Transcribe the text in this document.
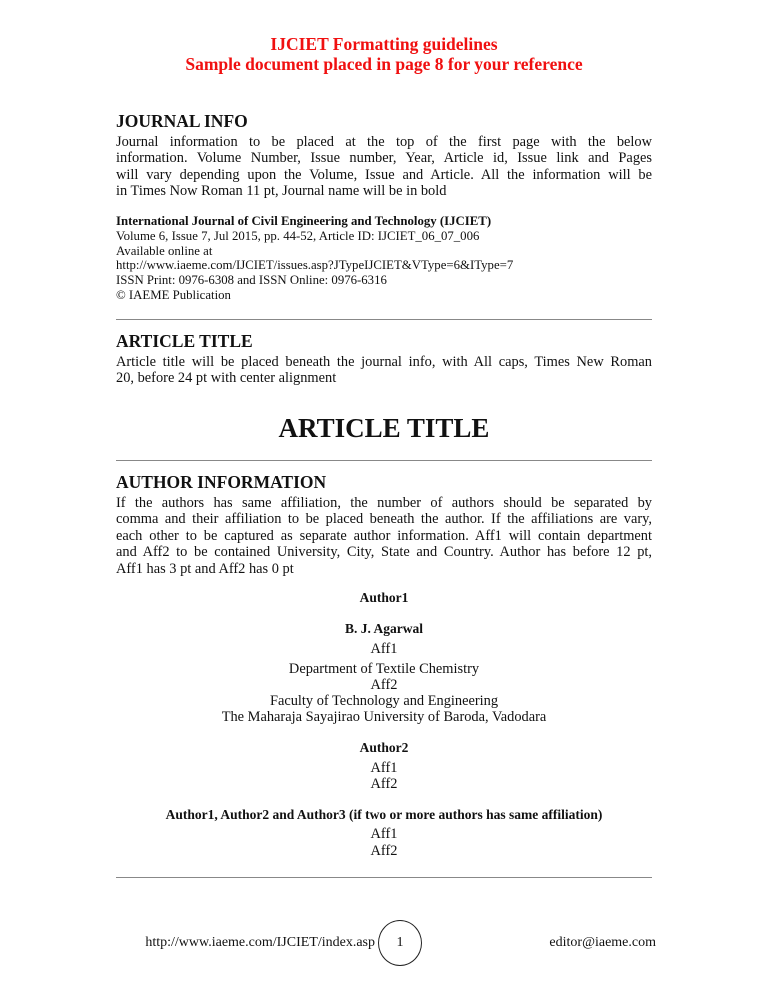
IJCIET Formatting guidelines
Sample document placed in page 8 for your reference
JOURNAL INFO
Journal information to be placed at the top of the first page with the below
information. Volume Number, Issue number, Year, Article id, Issue link and Pages
will vary depending upon the Volume, Issue and Article. All the information will be
in Times Now Roman 11 pt, Journal name will be in bold
International Journal of Civil Engineering and Technology (IJCIET)
Volume 6, Issue 7, Jul 2015, pp. 44-52, Article ID: IJCIET_06_07_006
Available online at
http://www.iaeme.com/IJCIET/issues.asp?JTypeIJCIET&VType=6&IType=7
ISSN Print: 0976-6308 and ISSN Online: 0976-6316
© IAEME Publication
ARTICLE TITLE
Article title will be placed beneath the journal info, with All caps, Times New Roman
20, before 24 pt with center alignment
ARTICLE TITLE
AUTHOR INFORMATION
If the authors has same affiliation, the number of authors should be separated by
comma and their affiliation to be placed beneath the author. If the affiliations are vary,
each other to be captured as separate author information. Aff1 will contain department
and Aff2 to be contained University, City, State and Country. Author has before 12 pt,
Aff1 has 3 pt and Aff2 has 0 pt
Author1
B. J. Agarwal
Aff1
Department of Textile Chemistry
Aff2
Faculty of Technology and Engineering
The Maharaja Sayajirao University of Baroda, Vadodara
Author2
Aff1
Aff2
Author1, Author2 and Author3 (if two or more authors has same affiliation)
Aff1
Aff2
http://www.iaeme.com/IJCIET/index.asp 1	editor@iaeme.com
